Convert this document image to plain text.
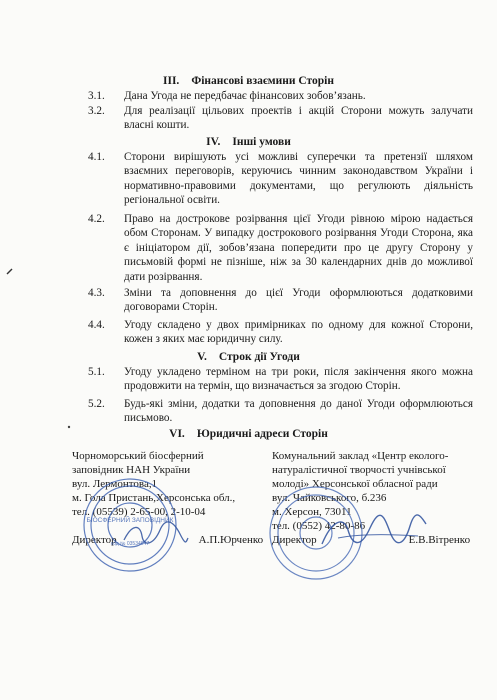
III. Фінансові взаємини Сторін
3.1.	Дана Угода не передбачає фінансових зобов’язань.
3.2.	Для реалізації цільових проектів і акцій Сторони можуть залучати власні кошти.
IV. Інші умови
4.1.	Сторони вирішують усі можливі суперечки та претензії шляхом взаємних переговорів, керуючись чинним законодавством України і нормативно-правовими документами, що регулюють діяльність регіональної освіти.
4.2.	Право на дострокове розірвання цієї Угоди рівною мірою надається обом Сторонам. У випадку дострокового розірвання Угоди Сторона, яка є ініціатором дії, зобов’язана попередити про це другу Сторону у письмовій формі не пізніше, ніж за 30 календарних днів до можливої дати розірвання.
4.3.	Зміни та доповнення до цієї Угоди оформлюються додатковими договорами Сторін.
4.4.	Угоду складено у двох примірниках по одному для кожної Сторони, кожен з яких має юридичну силу.
V. Строк дії Угоди
5.1.	Угоду укладено терміном на три роки, після закінчення якого можна продовжити на термін, що визначається за згодою Сторін.
5.2.	Будь-які зміни, додатки та доповнення до даної Угоди оформлюються письмово.
VI. Юридичні адреси Сторін
Чорноморський біосферний
заповідник НАН України
вул. Лермонтова,1
м. Гола Пристань,Херсонська обл.,
тел. (05539) 2-65-00, 2-10-04
Директор	А.П.Юрченко
Комунальний заклад «Центр еколого-
натуралістичної творчості учнівської
молоді» Херсонської обласної ради
вул. Чайковського, б.236
м. Херсон, 73011
тел. (0552) 42-80-86
Директор	Е.В.Вітренко
БІОСФЕРНИЙ ЗАПОВІДНИК
код № 03534647
